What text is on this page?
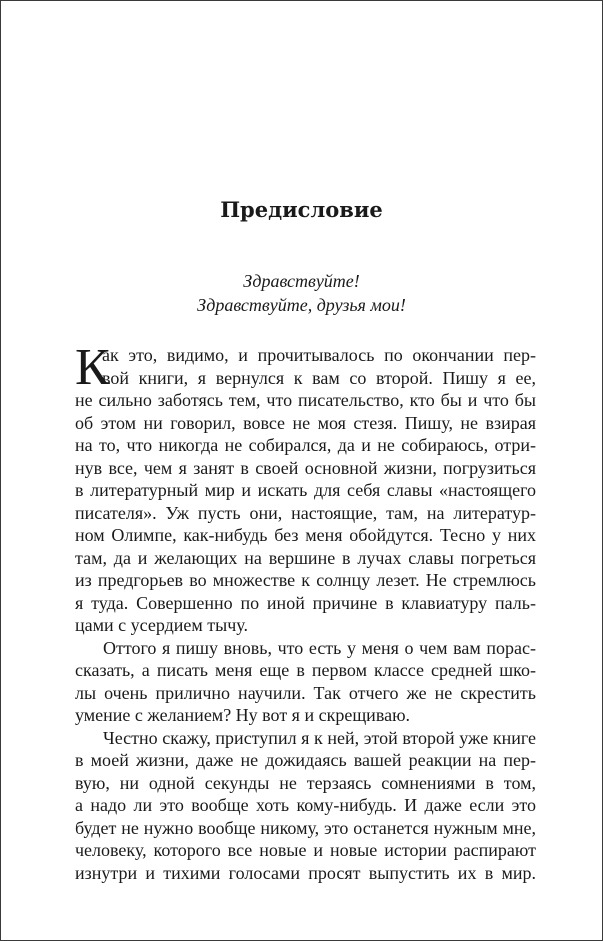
Предисловие
Здравствуйте!
Здравствуйте, друзья мои!
К
ак это, видимо, и прочитывалось по окончании пер-
вой книги, я вернулся к вам со второй. Пишу я ее,
не сильно заботясь тем, что писательство, кто бы и что бы
об этом ни говорил, вовсе не моя стезя. Пишу, не взирая
на то, что никогда не собирался, да и не собираюсь, отри-
нув все, чем я занят в своей основной жизни, погрузиться
в литературный мир и искать для себя славы «настоящего
писателя». Уж пусть они, настоящие, там, на литератур-
ном Олимпе, как-нибудь без меня обойдутся. Тесно у них
там, да и желающих на вершине в лучах славы погреться
из предгорьев во множестве к солнцу лезет. Не стремлюсь
я туда. Совершенно по иной причине в клавиатуру паль-
цами с усердием тычу.
Оттого я пишу вновь, что есть у меня о чем вам порас-
сказать, а писать меня еще в первом классе средней шко-
лы очень прилично научили. Так отчего же не скрестить
умение с желанием? Ну вот я и скрещиваю.
Честно скажу, приступил я к ней, этой второй уже книге
в моей жизни, даже не дожидаясь вашей реакции на пер-
вую, ни одной секунды не терзаясь сомнениями в том,
а надо ли это вообще хоть кому-нибудь. И даже если это
будет не нужно вообще никому, это останется нужным мне,
человеку, которого все новые и новые истории распирают
изнутри и тихими голосами просят выпустить их в мир.
